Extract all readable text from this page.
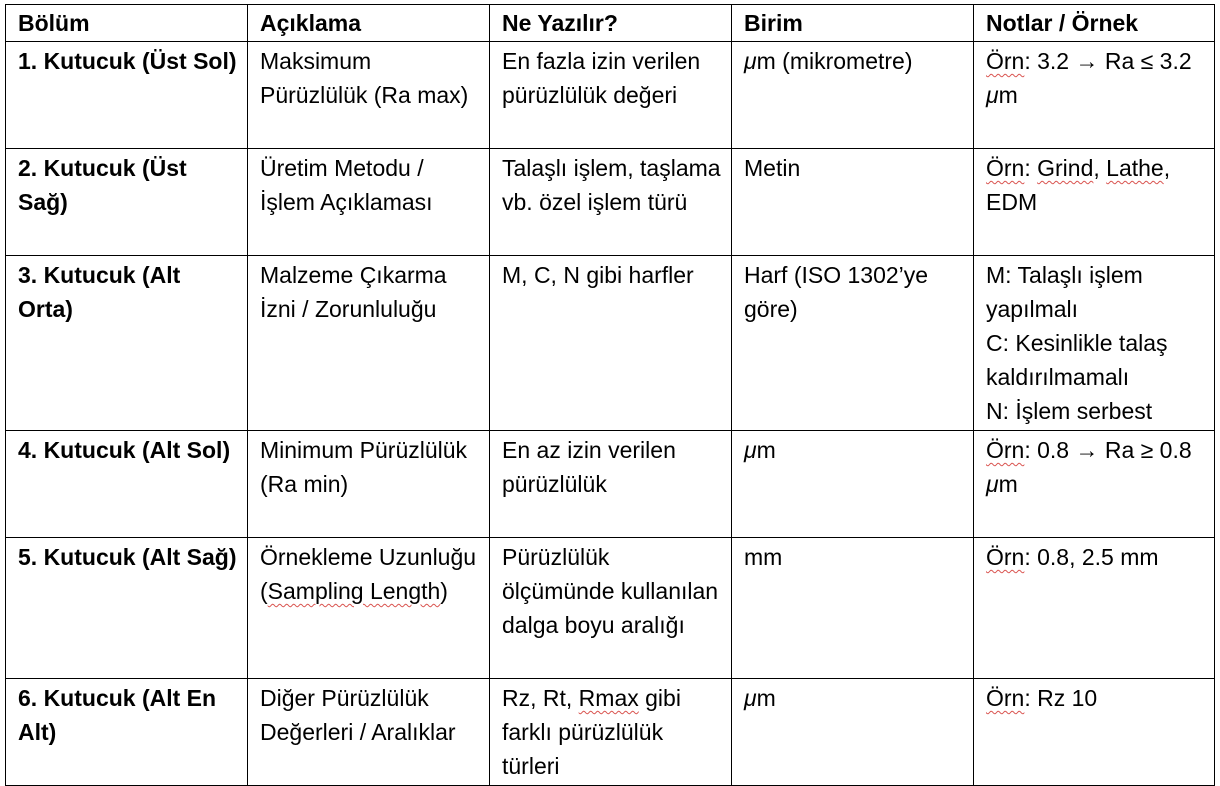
Bölüm	Açıklama	Ne Yazılır?	Birim	Notlar / Örnek
1. Kutucuk (Üst Sol)	Maksimum Pürüzlülük (Ra max)	En fazla izin verilen pürüzlülük değeri	μm (mikrometre)	Örn: 3.2 → Ra ≤ 3.2 μm
2. Kutucuk (Üst Sağ)	Üretim Metodu / İşlem Açıklaması	Talaşlı işlem, taşlama vb. özel işlem türü	Metin	Örn: Grind, Lathe, EDM
3. Kutucuk (Alt Orta)	Malzeme Çıkarma İzni / Zorunluluğu	M, C, N gibi harfler	Harf (ISO 1302’ye göre)	M: Talaşlı işlem yapılmalı
C: Kesinlikle talaş kaldırılmamalı
N: İşlem serbest

4. Kutucuk (Alt Sol)	Minimum Pürüzlülük (Ra min)	En az izin verilen pürüzlülük	μm	Örn: 0.8 → Ra ≥ 0.8 μm
5. Kutucuk (Alt Sağ)	Örnekleme Uzunluğu (Sampling Length)	Pürüzlülük ölçümünde kullanılan dalga boyu aralığı	mm	Örn: 0.8, 2.5 mm
6. Kutucuk (Alt En Alt)	Diğer Pürüzlülük Değerleri / Aralıklar	Rz, Rt, Rmax gibi farklı pürüzlülük türleri	μm	Örn: Rz 10
